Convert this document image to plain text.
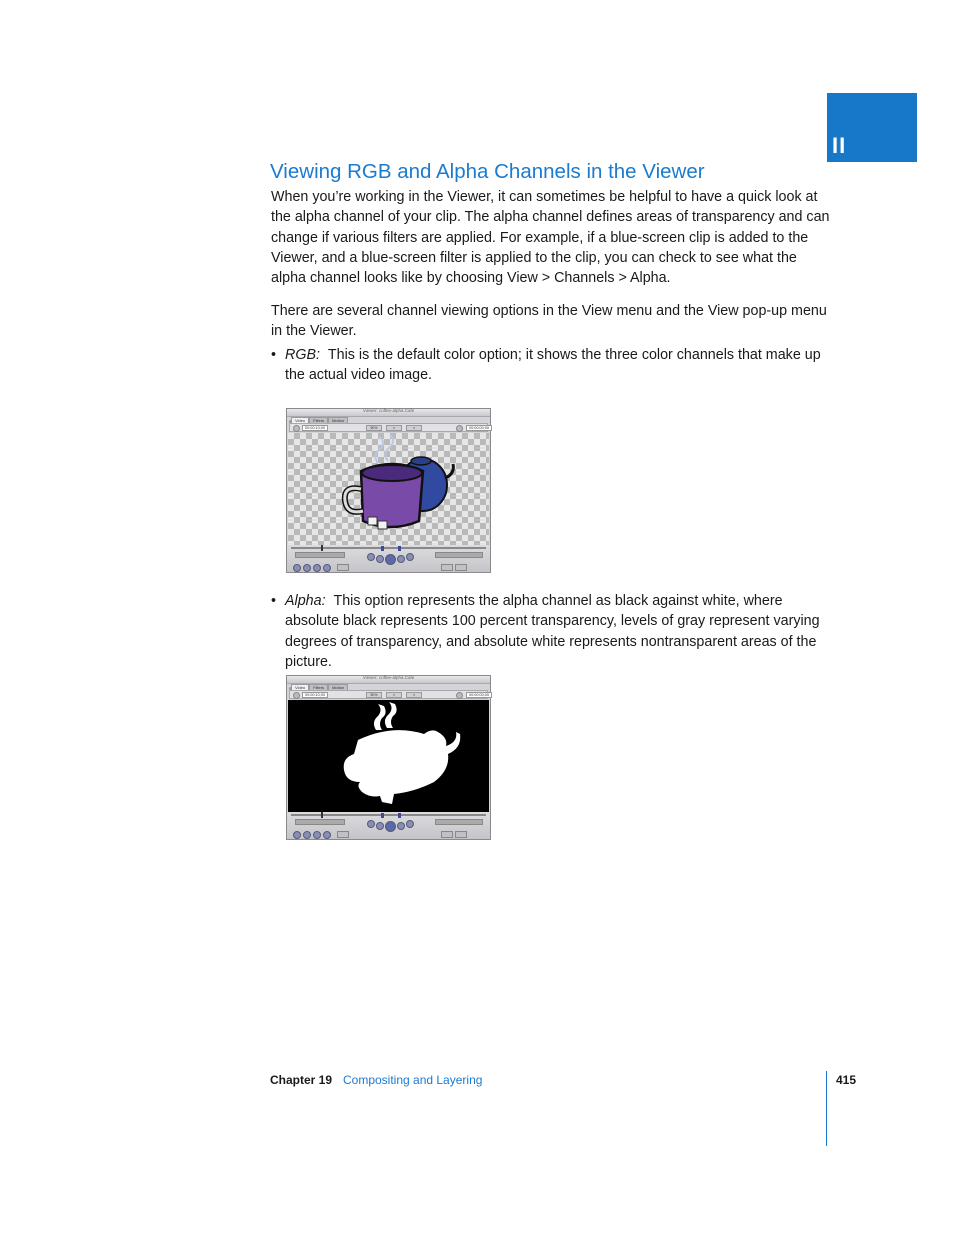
II
Viewing RGB and Alpha Channels in the Viewer

When you’re working in the Viewer, it can sometimes be helpful to have a quick look at the alpha channel of your clip. The alpha channel defines areas of transparency and can change if various filters are applied. For example, if a blue-screen clip is added to the Viewer, and a blue-screen filter is applied to the clip, you can check to see what the alpha channel looks like by choosing View > Channels > Alpha.

There are several channel viewing options in the View menu and the View pop-up menu in the Viewer.

• RGB: This is the default color option; it shows the three color channels that make up the actual video image.
Viewer: coffee-alpha.Cafe
Video Filters Motion
00:00:10;00	50%	≡	≡	00:00:00;00
• Alpha: This option represents the alpha channel as black against white, where absolute black represents 100 percent transparency, levels of gray represent varying degrees of transparency, and absolute white represents nontransparent areas of the picture.
Viewer: coffee-alpha.Cafe
Video Filters Motion
00:00:10;00	50%	≡	≡	00:00:00;00
Chapter 19 Compositing and Layering	415
